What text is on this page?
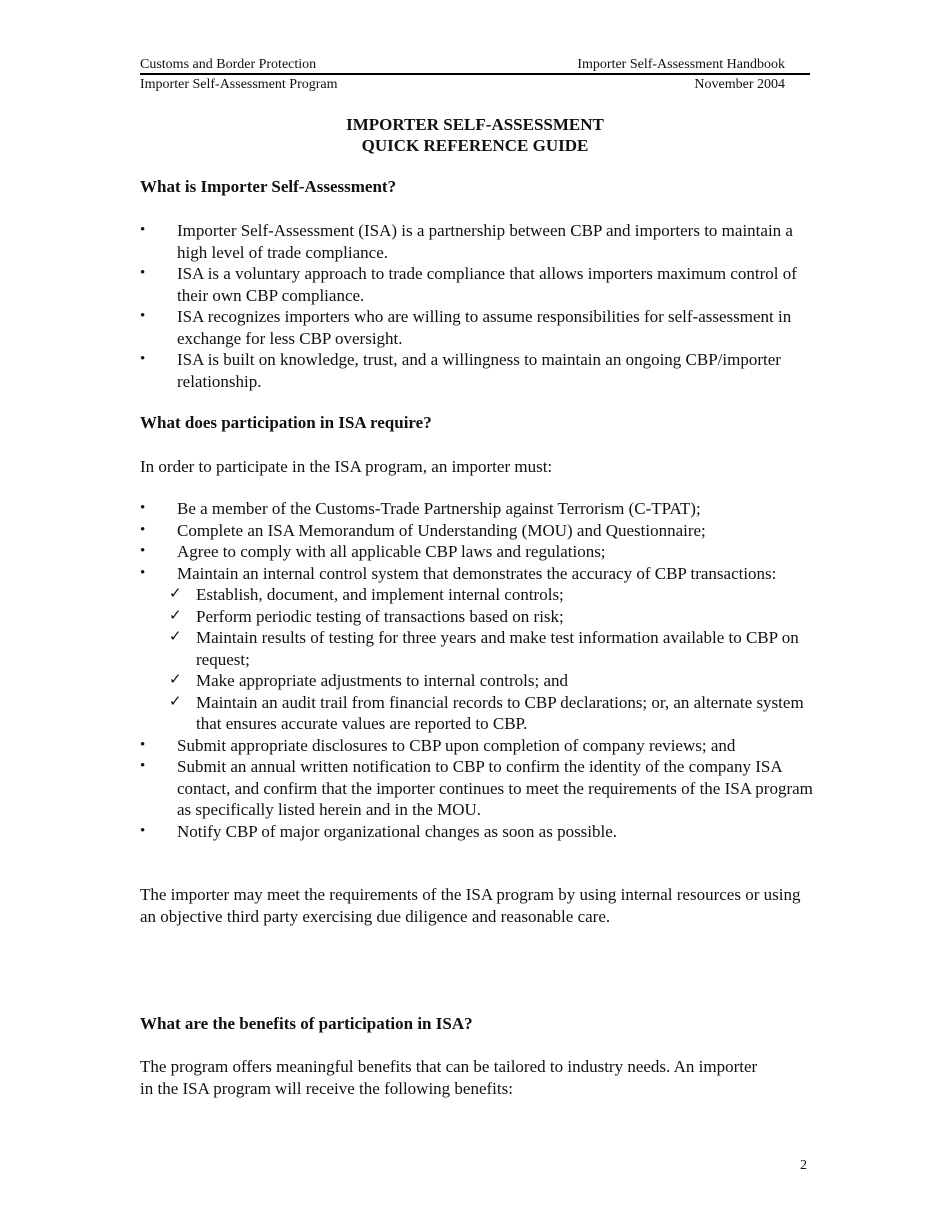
Customs and Border Protection	Importer Self-Assessment Handbook
Importer Self-Assessment Program	November 2004
IMPORTER SELF-ASSESSMENT
QUICK REFERENCE GUIDE
What is Importer Self-Assessment?
• Importer Self-Assessment (ISA) is a partnership between CBP and importers to maintain a high level of trade compliance.
• ISA is a voluntary approach to trade compliance that allows importers maximum control of their own CBP compliance.
• ISA recognizes importers who are willing to assume responsibilities for self-assessment in exchange for less CBP oversight.
• ISA is built on knowledge, trust, and a willingness to maintain an ongoing CBP/importer relationship.
What does participation in ISA require?
In order to participate in the ISA program, an importer must:
• Be a member of the Customs-Trade Partnership against Terrorism (C-TPAT);
• Complete an ISA Memorandum of Understanding (MOU) and Questionnaire;
• Agree to comply with all applicable CBP laws and regulations;
• Maintain an internal control system that demonstrates the accuracy of CBP transactions:
✓ Establish, document, and implement internal controls;
✓ Perform periodic testing of transactions based on risk;
✓ Maintain results of testing for three years and make test information available to CBP on request;
✓ Make appropriate adjustments to internal controls; and
✓ Maintain an audit trail from financial records to CBP declarations; or, an alternate system that ensures accurate values are reported to CBP.
• Submit appropriate disclosures to CBP upon completion of company reviews; and
• Submit an annual written notification to CBP to confirm the identity of the company ISA contact, and confirm that the importer continues to meet the requirements of the ISA program as specifically listed herein and in the MOU.
• Notify CBP of major organizational changes as soon as possible.
The importer may meet the requirements of the ISA program by using internal resources or using an objective third party exercising due diligence and reasonable care.
What are the benefits of participation in ISA?
The program offers meaningful benefits that can be tailored to industry needs. An importer in the ISA program will receive the following benefits:
2
